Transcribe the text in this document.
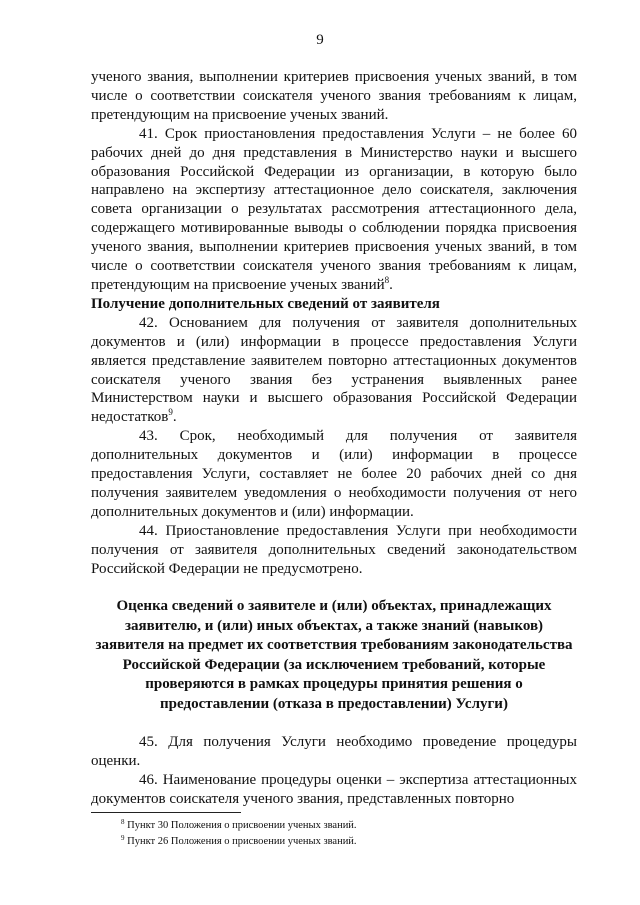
9

ученого звания, выполнении критериев присвоения ученых званий, в том числе о соответствии соискателя ученого звания требованиям к лицам, претендующим на присвоение ученых званий.

41. Срок приостановления предоставления Услуги – не более 60 рабочих дней до дня представления в Министерство науки и высшего образования Российской Федерации из организации, в которую было направлено на экспертизу аттестационное дело соискателя, заключения совета организации о результатах рассмотрения аттестационного дела, содержащего мотивированные выводы о соблюдении порядка присвоения ученого звания, выполнении критериев присвоения ученых званий, в том числе о соответствии соискателя ученого звания требованиям к лицам, претендующим на присвоение ученых званий$^8$.

Получение дополнительных сведений от заявителя

42. Основанием для получения от заявителя дополнительных документов и (или) информации в процессе предоставления Услуги является представление заявителем повторно аттестационных документов соискателя ученого звания без устранения выявленных ранее Министерством науки и высшего образования Российской Федерации недостатков$^9$.

43. Срок, необходимый для получения от заявителя дополнительных документов и (или) информации в процессе предоставления Услуги, составляет не более 20 рабочих дней со дня получения заявителем уведомления о необходимости получения от него дополнительных документов и (или) информации.

44. Приостановление предоставления Услуги при необходимости получения от заявителя дополнительных сведений законодательством Российской Федерации не предусмотрено.

Оценка сведений о заявителе и (или) объектах, принадлежащих
заявителю, и (или) иных объектах, а также знаний (навыков)
заявителя на предмет их соответствия требованиям законодательства
Российской Федерации (за исключением требований, которые
проверяются в рамках процедуры принятия решения о
предоставлении (отказа в предоставлении) Услуги)

45. Для получения Услуги необходимо проведение процедуры оценки.

46. Наименование процедуры оценки – экспертиза аттестационных документов соискателя ученого звания, представленных повторно

$^8$ Пункт 30 Положения о присвоении ученых званий.
$^9$ Пункт 26 Положения о присвоении ученых званий.
